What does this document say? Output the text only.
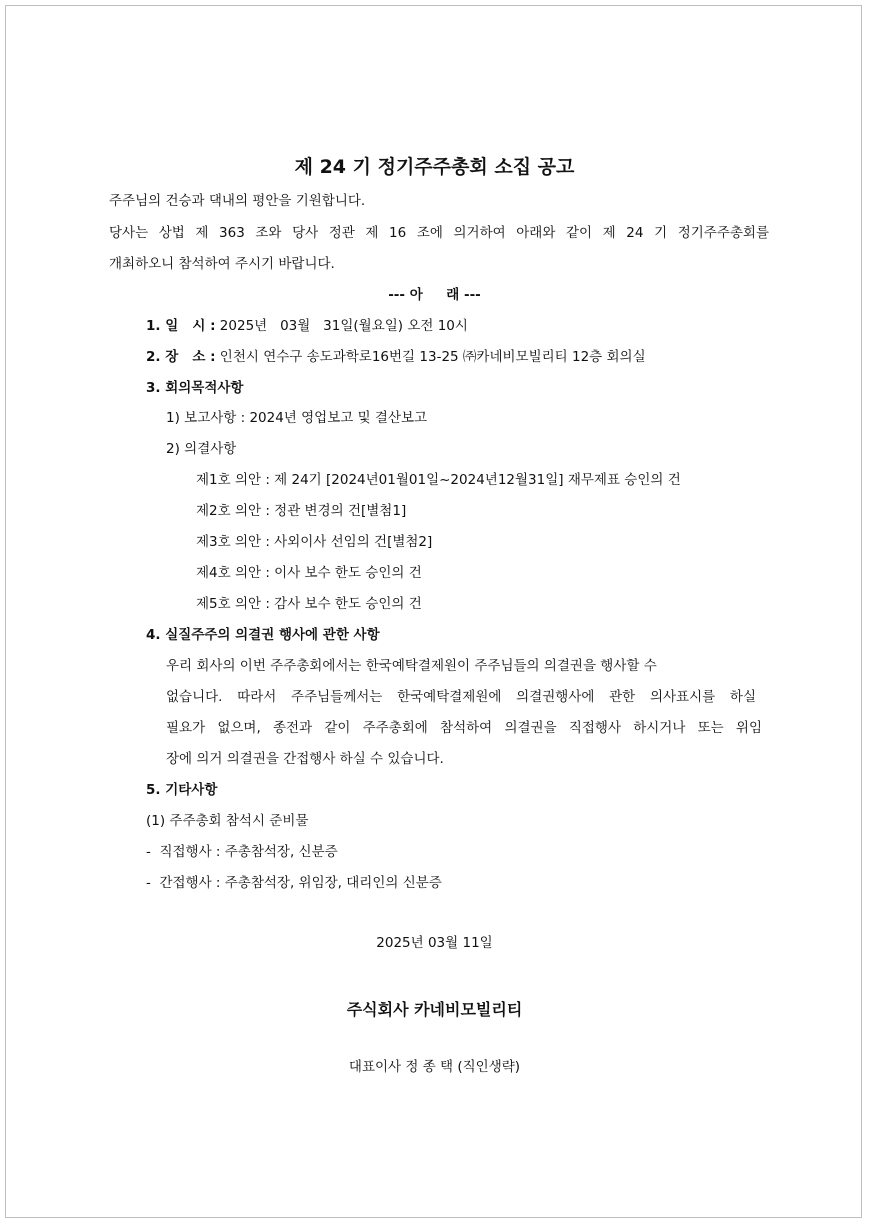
제 24 기 정기주주총회 소집 공고
주주님의 건승과 댁내의 평안을 기원합니다.
당사는 상법 제 363 조와 당사 정관 제 16 조에 의거하여 아래와 같이 제 24 기 정기주주총회를
개최하오니 참석하여 주시기 바랍니다.
--- 아     래 ---
1. 일   시 : 2025년   03월   31일(월요일) 오전 10시
2. 장   소 : 인천시 연수구 송도과학로16번길 13-25 ㈜카네비모빌리티 12층 회의실
3. 회의목적사항
1) 보고사항 : 2024년 영업보고 및 결산보고
2) 의결사항
제1호 의안 : 제 24기 [2024년01월01일~2024년12월31일] 재무제표 승인의 건
제2호 의안 : 정관 변경의 건[별첨1]
제3호 의안 : 사외이사 선임의 건[별첨2]
제4호 의안 : 이사 보수 한도 승인의 건
제5호 의안 : 감사 보수 한도 승인의 건
4. 실질주주의 의결권 행사에 관한 사항
우리 회사의 이번 주주총회에서는 한국예탁결제원이 주주님들의 의결권을 행사할 수
없습니다. 따라서 주주님들께서는 한국예탁결제원에 의결권행사에 관한 의사표시를 하실
필요가 없으며, 종전과 같이 주주총회에 참석하여 의결권을 직접행사 하시거나 또는 위임
장에 의거 의결권을 간접행사 하실 수 있습니다.
5. 기타사항
(1) 주주총회 참석시 준비물
-  직접행사 : 주총참석장, 신분증
-  간접행사 : 주총참석장, 위임장, 대리인의 신분증
2025년 03월 11일
주식회사 카네비모빌리티
대표이사 정 종 택 (직인생략)
